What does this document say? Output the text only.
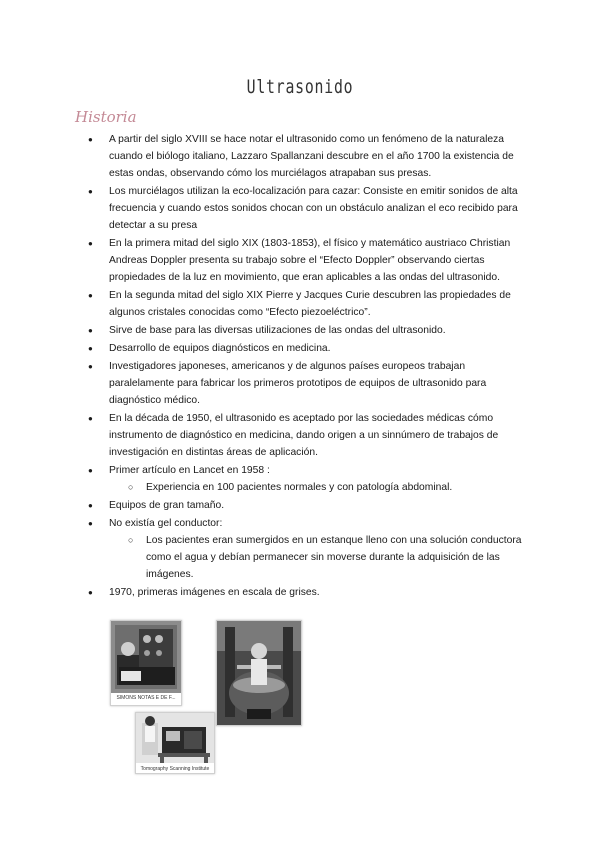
Ultrasonido
Historia
● A partir del siglo XVIII se hace notar el ultrasonido como un fenómeno de la naturaleza cuando el biólogo italiano, Lazzaro Spallanzani descubre en el año 1700 la existencia de estas ondas, observando cómo los murciélagos atrapaban sus presas.
● Los murciélagos utilizan la eco-localización para cazar: Consiste en emitir sonidos de alta frecuencia y cuando estos sonidos chocan con un obstáculo analizan el eco recibido para detectar a su presa
● En la primera mitad del siglo XIX (1803-1853), el físico y matemático austriaco Christian Andreas Doppler presenta su trabajo sobre el “Efecto Doppler” observando ciertas propiedades de la luz en movimiento, que eran aplicables a las ondas del ultrasonido.
● En la segunda mitad del siglo XIX Pierre y Jacques Curie descubren las propiedades de algunos cristales conocidas como “Efecto piezoeléctrico”.
● Sirve de base para las diversas utilizaciones de las ondas del ultrasonido.
● Desarrollo de equipos diagnósticos en medicina.
● Investigadores japoneses, americanos y de algunos países europeos trabajan paralelamente para fabricar los primeros prototipos de equipos de ultrasonido para diagnóstico médico.
● En la década de 1950, el ultrasonido es aceptado por las sociedades médicas cómo instrumento de diagnóstico en medicina, dando origen a un sinnúmero de trabajos de investigación en distintas áreas de aplicación.
● Primer artículo en Lancet en 1958 :
○ Experiencia en 100 pacientes normales y con patología abdominal.
● Equipos de gran tamaño.
● No existía gel conductor:
○ Los pacientes eran sumergidos en un estanque lleno con una solución conductora como el agua y debían permanecer sin moverse durante la adquisición de las imágenes.
● 1970, primeras imágenes en escala de grises.
SIMONS NOTAS E DE F...
Tomography Scanning Institute
